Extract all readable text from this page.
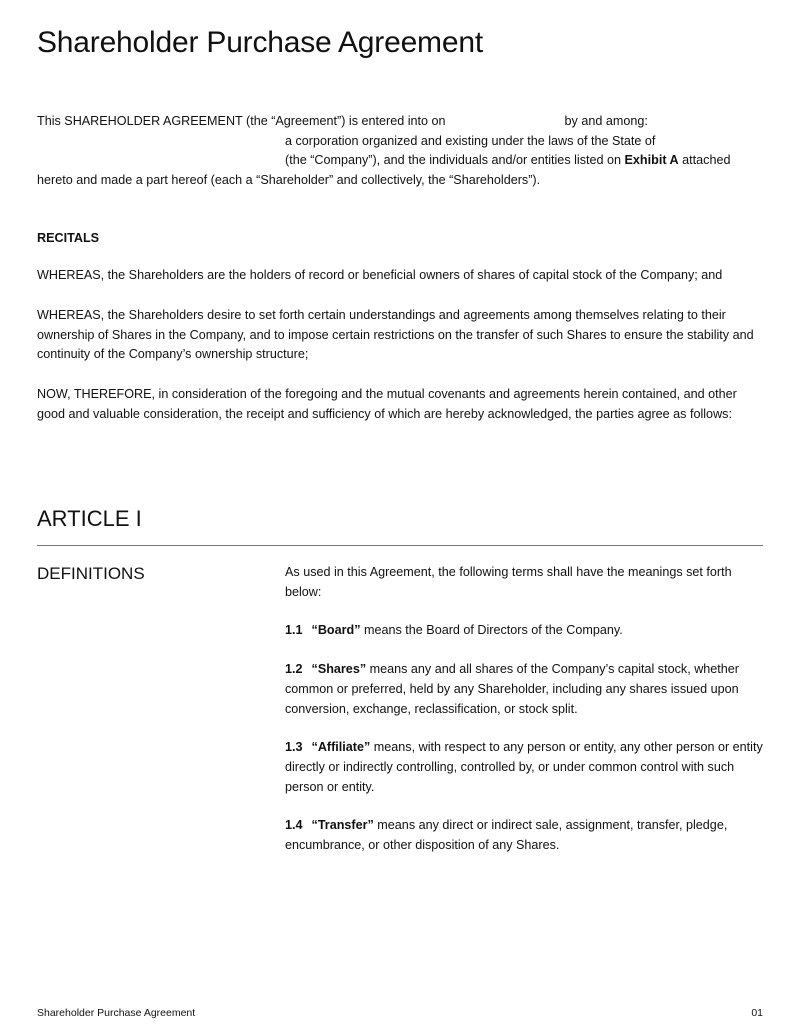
Shareholder Purchase Agreement
This SHAREHOLDER AGREEMENT (the “Agreement”) is entered into on	by and among:
a corporation organized and existing under the laws of the State of
(the “Company”), and the individuals and/or entities listed on Exhibit A attached
hereto and made a part hereof (each a “Shareholder” and collectively, the “Shareholders”).
RECITALS

WHEREAS, the Shareholders are the holders of record or beneficial owners of shares of capital stock of the Company; and

WHEREAS, the Shareholders desire to set forth certain understandings and agreements among themselves relating to their ownership of Shares in the Company, and to impose certain restrictions on the transfer of such Shares to ensure the stability and continuity of the Company’s ownership structure;

NOW, THEREFORE, in consideration of the foregoing and the mutual covenants and agreements herein contained, and other good and valuable consideration, the receipt and sufficiency of which are hereby acknowledged, the parties agree as follows:

ARTICLE I
DEFINITIONS	As used in this Agreement, the following terms shall have the meanings set forth below:

1.1 “Board” means the Board of Directors of the Company.

1.2 “Shares” means any and all shares of the Company’s capital stock, whether common or preferred, held by any Shareholder, including any shares issued upon conversion, exchange, reclassification, or stock split.

1.3 “Affiliate” means, with respect to any person or entity, any other person or entity directly or indirectly controlling, controlled by, or under common control with such person or entity.

1.4 “Transfer” means any direct or indirect sale, assignment, transfer, pledge, encumbrance, or other disposition of any Shares.

Shareholder Purchase Agreement	01
